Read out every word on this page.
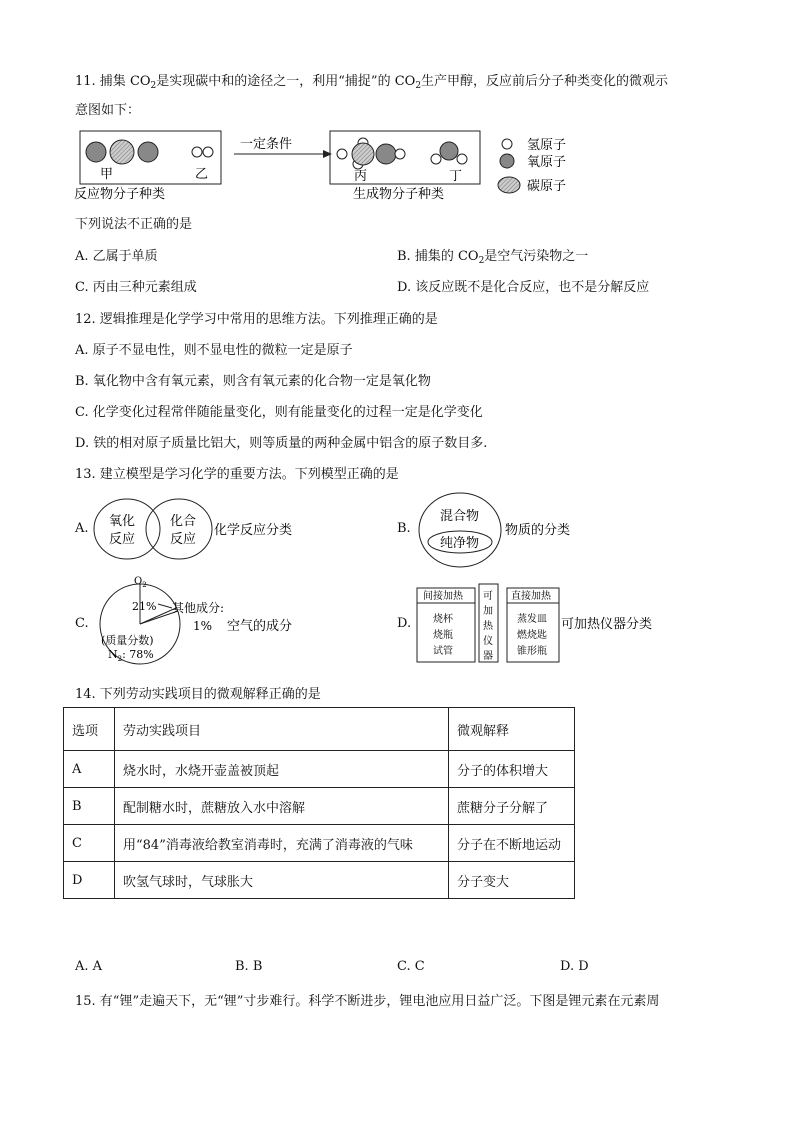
11. 捕集 $CO_2$是实现碳中和的途径之一，利用“捕捉”的 $CO_2$生产甲醇，反应前后分子种类变化的微观示
意图如下：
甲	乙
反应物分子种类
一定条件
丙	丁
生成物分子种类
氢原子
氧原子
碳原子
下列说法不正确的是
A. 乙属于单质	B. 捕集的 $CO_2$是空气污染物之一
C. 丙由三种元素组成	D. 该反应既不是化合反应，也不是分解反应
12. 逻辑推理是化学学习中常用的思维方法。下列推理正确的是
A. 原子不显电性，则不显电性的微粒一定是原子
B. 氧化物中含有氧元素，则含有氧元素的化合物一定是氧化物
C. 化学变化过程常伴随能量变化，则有能量变化的过程一定是化学变化
D. 铁的相对原子质量比铝大，则等质量的两种金属中铝含的原子数目多.
13. 建立模型是学习化学的重要方法。下列模型正确的是
A. 氧化
反应
化合
反应
化学反应分类	B.
混合物
纯净物
物质的分类
C.
$O_2$
21% 其他成分:
1%
(质量分数)
$N_2$: 78%
空气的成分	D.
间接加热
烧杯
烧瓶
试管
可
加
热
仪
器
直接加热
蒸发皿
燃烧匙
锥形瓶
可加热仪器分类
14. 下列劳动实践项目的微观解释正确的是
选项	劳动实践项目	微观解释
A	烧水时，水烧开壶盖被顶起	分子的体积增大
B	配制糖水时，蔗糖放入水中溶解	蔗糖分子分解了
C	用“84”消毒液给教室消毒时，充满了消毒液的气味	分子在不断地运动
D	吹氢气球时，气球胀大	分子变大
A. A	B. B	C. C	D. D
15. 有“锂”走遍天下，无“锂”寸步难行。科学不断进步，锂电池应用日益广泛。下图是锂元素在元素周
